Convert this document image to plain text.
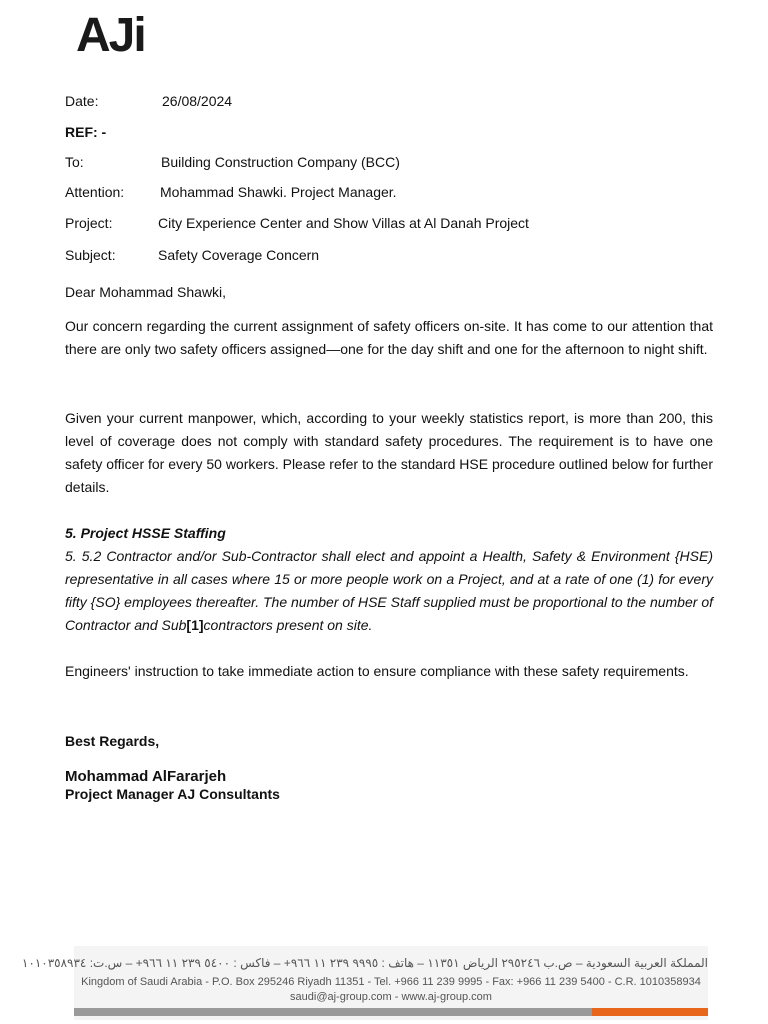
AJi
Date:	26/08/2024
REF: -
To:	Building Construction Company (BCC)
Attention:	Mohammad Shawki. Project Manager.
Project:	City Experience Center and Show Villas at Al Danah Project
Subject:	Safety Coverage Concern
Dear Mohammad Shawki,
Our concern regarding the current assignment of safety officers on-site. It has come to our attention that there are only two safety officers assigned—one for the day shift and one for the afternoon to night shift.
Given your current manpower, which, according to your weekly statistics report, is more than 200, this level of coverage does not comply with standard safety procedures. The requirement is to have one safety officer for every 50 workers. Please refer to the standard HSE procedure outlined below for further details.
5. Project HSSE Staffing
5. 5.2 Contractor and/or Sub-Contractor shall elect and appoint a Health, Safety & Environment {HSE) representative in all cases where 15 or more people work on a Project, and at a rate of one (1) for every fifty {SO} employees thereafter. The number of HSE Staff supplied must be proportional to the number of Contractor and Sub[1]contractors present on site.
Engineers' instruction to take immediate action to ensure compliance with these safety requirements.
Best Regards,
Mohammad AlFararjeh
Project Manager AJ Consultants
المملكة العربية السعودية – ص.ب ٢٩٥٢٤٦ الرياض ١١٣٥١ – هاتف : ٩٩٩٥ ٢٣٩ ١١ ٩٦٦+ – فاكس : ٥٤٠٠ ٢٣٩ ١١ ٩٦٦+ – س.ت: ١٠١٠٣٥٨٩٣٤
Kingdom of Saudi Arabia - P.O. Box 295246 Riyadh 11351 - Tel. +966 11 239 9995 - Fax: +966 11 239 5400 - C.R. 1010358934
saudi@aj-group.com - www.aj-group.com
